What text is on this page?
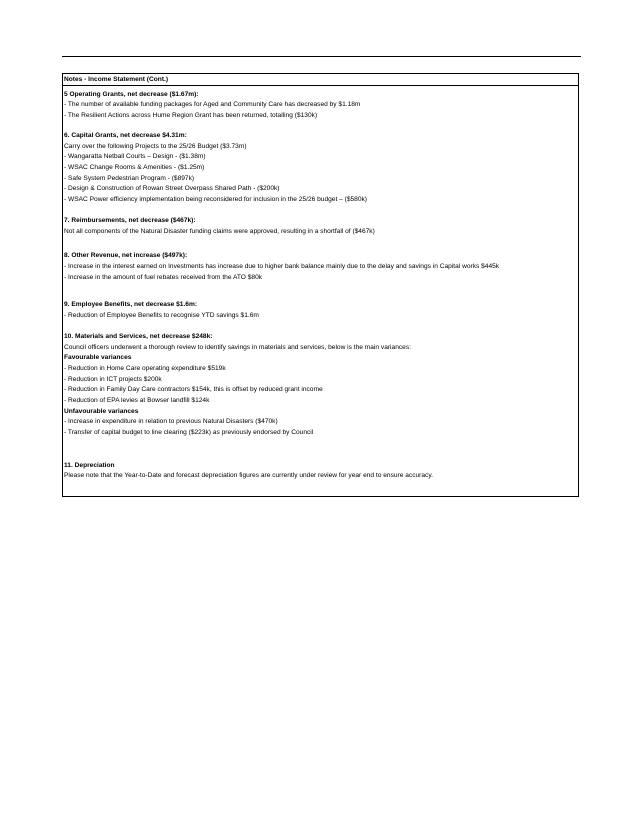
Notes - Income Statement (Cont.)
5 Operating Grants, net decrease ($1.67m):
- The number of available funding packages for Aged and Community Care has decreased by $1.18m
- The Resilient Actions across Hume Region Grant has been returned, totalling ($130k)
6. Capital Grants, net decrease $4.31m:
Carry over the following Projects to the 25/26 Budget ($3.73m)
- Wangaratta Netball Courts – Design - ($1.38m)
- WSAC Change Rooms & Amenities - ($1.25m)
- Safe System Pedestrian Program - ($897k)
- Design & Construction of Rowan Street Overpass Shared Path - ($200k)
- WSAC Power efficiency implementation being reconsidered for inclusion in the 25/26 budget – ($580k)
7. Reimbursements, net decrease ($467k):
Not all components of the Natural Disaster funding claims were approved, resulting in a shortfall of ($467k)
8. Other Revenue, net increase ($497k):
- Increase in the interest earned on Investments has increase due to higher bank balance mainly due to the delay and savings in Capital works $445k
- Increase in the amount of fuel rebates received from the ATO $80k
9. Employee Benefits, net decrease $1.6m:
- Reduction of Employee Benefits to recognise YTD savings $1.6m
10. Materials and Services, net decrease $248k:
Council officers underwent a thorough review to identify savings in materials and services, below is the main variances:
Favourable variances
- Reduction in Home Care operating expenditure $519k
- Reduction in ICT projects $200k
- Reduction in Family Day Care contractors $154k, this is offset by reduced grant income
- Reduction of EPA levies at Bowser landfill $124k
Unfavourable variances
- Increase in expenditure in relation to previous Natural Disasters ($470k)
- Transfer of capital budget to line clearing ($223k) as previously endorsed by Council
11. Depreciation
Please note that the Year-to-Date and forecast depreciation figures are currently under review for year end to ensure accuracy.
